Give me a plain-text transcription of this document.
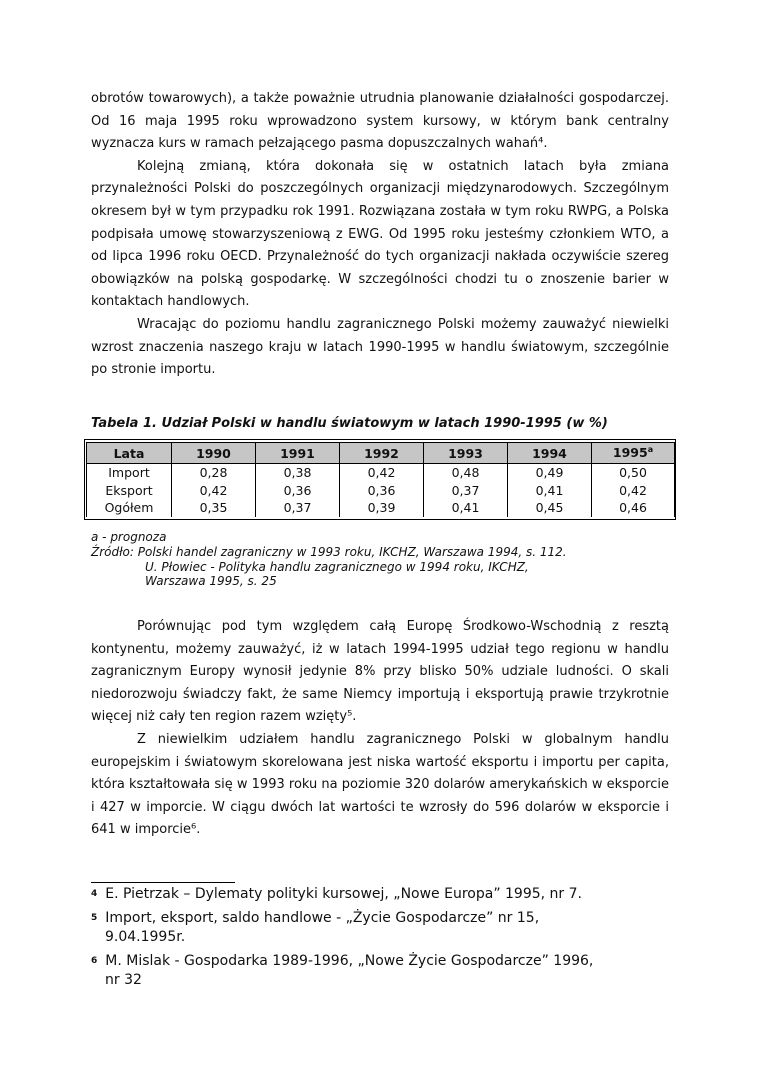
obrotów towarowych), a także poważnie utrudnia planowanie działalności gospodarczej. Od 16 maja 1995 roku wprowadzono system kursowy, w którym bank centralny wyznacza kurs w ramach pełzającego pasma dopuszczalnych wahań⁴.

Kolejną zmianą, która dokonała się w ostatnich latach była zmiana przynależności Polski do poszczególnych organizacji międzynarodowych. Szczególnym okresem był w tym przypadku rok 1991. Rozwiązana została w tym roku RWPG, a Polska podpisała umowę stowarzyszeniową z EWG. Od 1995 roku jesteśmy członkiem WTO, a od lipca 1996 roku OECD. Przynależność do tych organizacji nakłada oczywiście szereg obowiązków na polską gospodarkę. W szczególności chodzi tu o znoszenie barier w kontaktach handlowych.

Wracając do poziomu handlu zagranicznego Polski możemy zauważyć niewielki wzrost znaczenia naszego kraju w latach 1990-1995 w handlu światowym, szczególnie po stronie importu.

Tabela 1. Udział Polski w handlu światowym w latach 1990-1995 (w %)

Lata	1990	1991	1992	1993	1994	1995$^a$
Import	0,28	0,38	0,42	0,48	0,49	0,50
Eksport	0,42	0,36	0,36	0,37	0,41	0,42
Ogółem	0,35	0,37	0,39	0,41	0,45	0,46
a - prognoza
Źródło: Polski handel zagraniczny w 1993 roku, IKCHZ, Warszawa 1994, s. 112.
U. Płowiec - Polityka handlu zagranicznego w 1994 roku, IKCHZ,
Warszawa 1995, s. 25

Porównując pod tym względem całą Europę Środkowo-Wschodnią z resztą kontynentu, możemy zauważyć, iż w latach 1994-1995 udział tego regionu w handlu zagranicznym Europy wynosił jedynie 8% przy blisko 50% udziale ludności. O skali niedorozwoju świadczy fakt, że same Niemcy importują i eksportują prawie trzykrotnie więcej niż cały ten region razem wzięty⁵.

Z niewielkim udziałem handlu zagranicznego Polski w globalnym handlu europejskim i światowym skorelowana jest niska wartość eksportu i importu per capita, która kształtowała się w 1993 roku na poziomie 320 dolarów amerykańskich w eksporcie i 427 w imporcie. W ciągu dwóch lat wartości te wzrosły do 596 dolarów w eksporcie i 641 w imporcie⁶.

$^4$ E. Pietrzak – Dylematy polityki kursowej, „Nowe Europa” 1995, nr 7.
$^5$ Import, eksport, saldo handlowe - „Życie Gospodarcze” nr 15,
9.04.1995r.
$^6$ M. Mislak - Gospodarka 1989-1996, „Nowe Życie Gospodarcze” 1996,
nr 32
